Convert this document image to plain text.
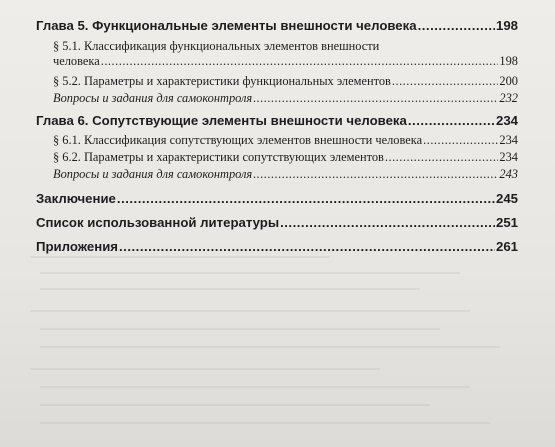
Глава 5. Функциональные элементы внешности человека .....	198
§ 5.1. Классификация функциональных элементов внешности
человека .....	198
§ 5.2. Параметры и характеристики функциональных элементов .....	200
Вопросы и задания для самоконтроля .....	232
Глава 6. Сопутствующие элементы внешности человека .....	234
§ 6.1. Классификация сопутствующих элементов внешности человека .....	234
§ 6.2. Параметры и характеристики сопутствующих элементов .....	234
Вопросы и задания для самоконтроля .....	243
Заключение .....	245
Список использованной литературы .....	251
Приложения .....	261
